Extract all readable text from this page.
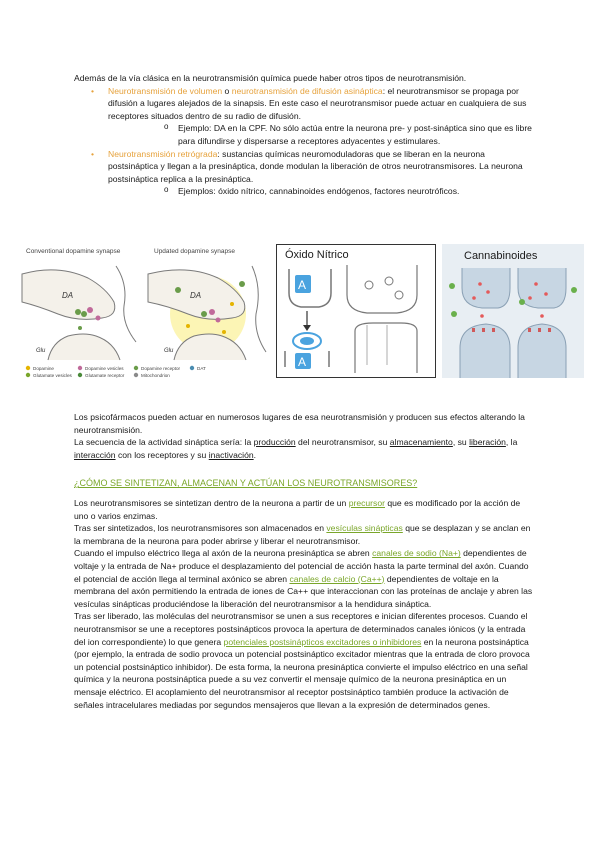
Además de la vía clásica en la neurotransmisión química puede haber otros tipos de neurotransmisión.

• Neurotransmisión de volumen o neurotransmisión de difusión asináptica: el neurotransmisor se propaga por difusión a lugares alejados de la sinapsis. En este caso el neurotransmisor puede actuar en cualquiera de sus receptores situados dentro de su radio de difusión.
o Ejemplo: DA en la CPF. No sólo actúa entre la neurona pre- y post-sináptica sino que es libre para difundirse y dispersarse a receptores adyacentes y estimulares.
• Neurotransmisión retrógrada: sustancias químicas neuromoduladoras que se liberan en la neurona postsináptica y llegan a la presináptica, donde modulan la liberación de otros neurotransmisores. La neurona postsináptica replica a la presináptica.
o Ejemplos: óxido nítrico, cannabinoides endógenos, factores neurotróficos.
Conventional dopamine synapse	Updated dopamine synapse
DA
Glu
DA
Glu
Dopamine	Dopamine vesicles	Dopamine receptor	DAT
Glutamate vesicles	Glutamate receptor	Mitochondrion
Óxido Nítrico
A
A
Cannabinoides

Los psicofármacos pueden actuar en numerosos lugares de esa neurotransmisión y producen sus efectos alterando la neurotransmisión.

La secuencia de la actividad sináptica sería: la producción del neurotransmisor, su almacenamiento, su liberación, la interacción con los receptores y su inactivación.

¿CÓMO SE SINTETIZAN, ALMACENAN Y ACTÚAN LOS NEUROTRANSMISORES?

Los neurotransmisores se sintetizan dentro de la neurona a partir de un precursor que es modificado por la acción de uno o varios enzimas.

Tras ser sintetizados, los neurotransmisores son almacenados en vesículas sinápticas que se desplazan y se anclan en la membrana de la neurona para poder abrirse y liberar el neurotransmisor.

Cuando el impulso eléctrico llega al axón de la neurona presináptica se abren canales de sodio (Na+) dependientes de voltaje y la entrada de Na+ produce el desplazamiento del potencial de acción hasta la parte terminal del axón. Cuando el potencial de acción llega al terminal axónico se abren canales de calcio (Ca++) dependientes de voltaje en la membrana del axón permitiendo la entrada de iones de Ca++ que interaccionan con las proteínas de anclaje y abren las vesículas sinápticas produciéndose la liberación del neurotransmisor a la hendidura sináptica.

Tras ser liberado, las moléculas del neurotransmisor se unen a sus receptores e inician diferentes procesos. Cuando el neurotransmisor se une a receptores postsinápticos provoca la apertura de determinados canales iónicos (y la entrada del ion correspondiente) lo que genera potenciales postsinápticos excitadores o inhibidores en la neurona postsináptica (por ejemplo, la entrada de sodio provoca un potencial postsináptico excitador mientras que la entrada de cloro provoca un potencial postsináptico inhibidor). De esta forma, la neurona presináptica convierte el impulso eléctrico en una señal química y la neurona postsináptica puede a su vez convertir el mensaje químico de la neurona presináptica en un mensaje eléctrico. El acoplamiento del neurotransmisor al receptor postsináptico también produce la activación de señales intracelulares mediadas por segundos mensajeros que llevan a la expresión de determinados genes.
